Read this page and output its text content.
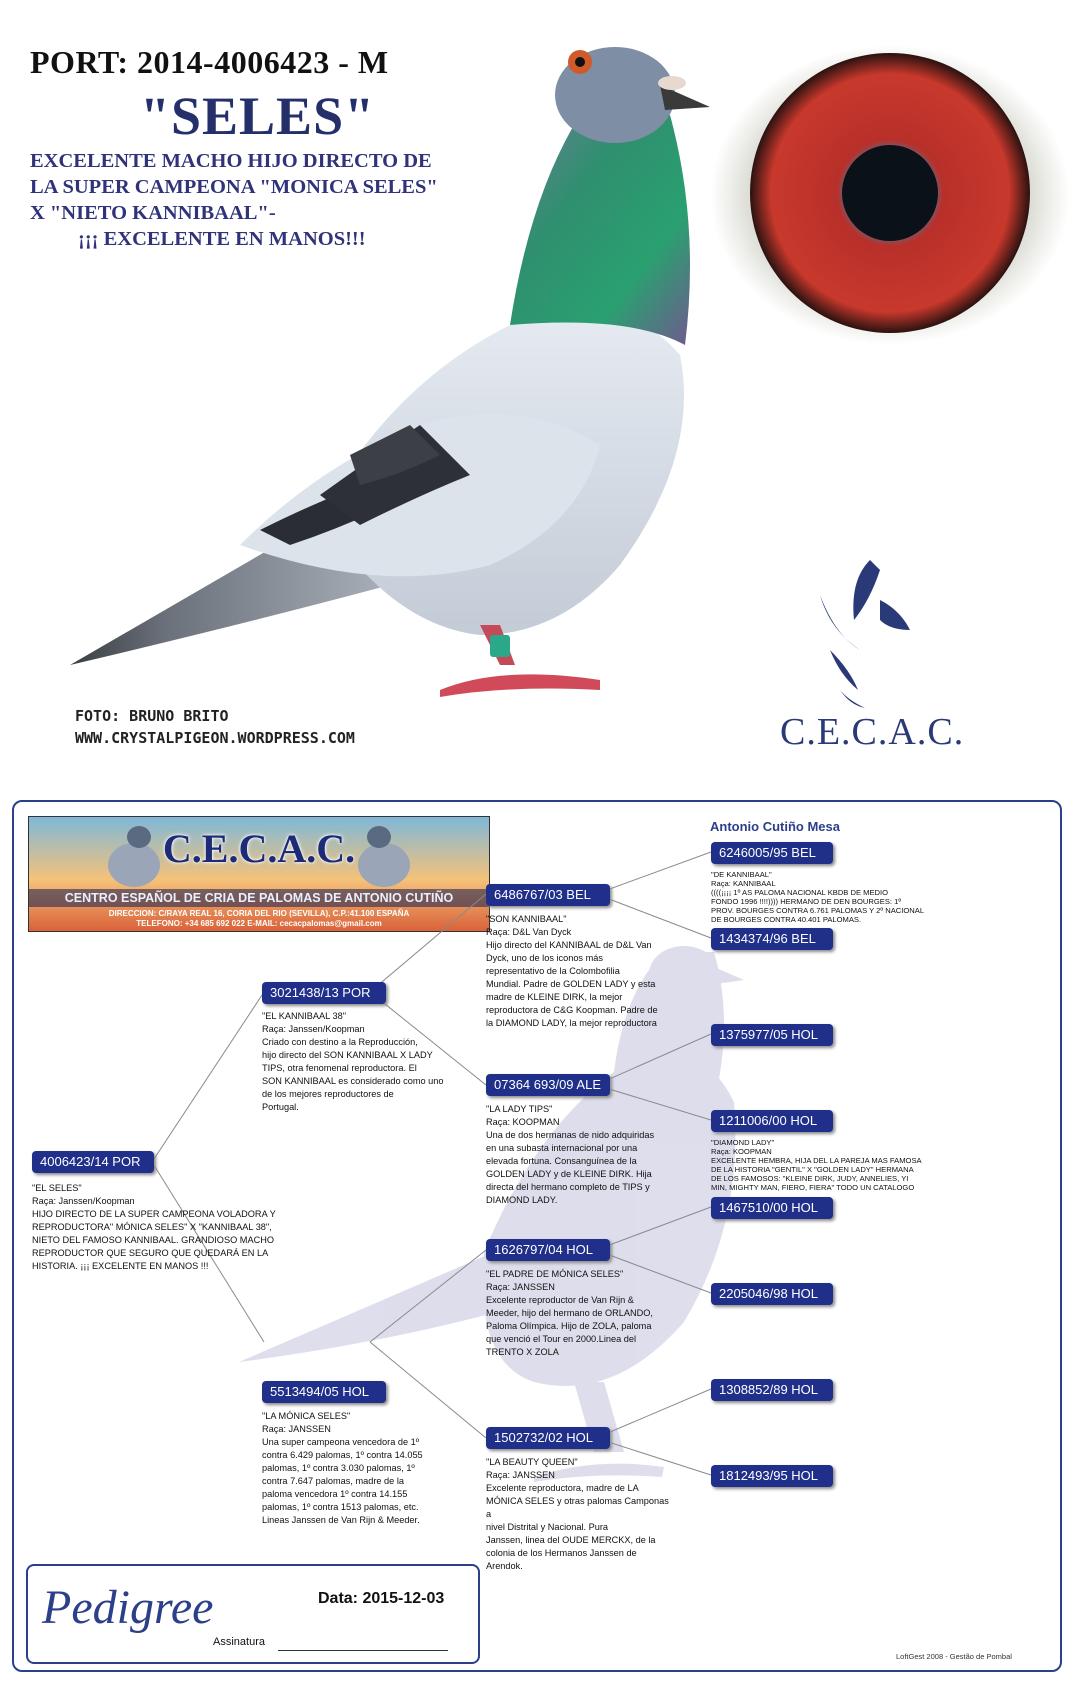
PORT: 2014-4006423 - M
"SELES"
EXCELENTE MACHO HIJO DIRECTO DE
LA SUPER CAMPEONA "MONICA SELES"
X "NIETO KANNIBAAL"-
¡¡¡ EXCELENTE EN MANOS!!!
FOTO: BRUNO BRITO
WWW.CRYSTALPIGEON.WORDPRESS.COM	C.E.C.A.C.
C.E.C.A.C.
CENTRO ESPAÑOL DE CRIA DE PALOMAS DE ANTONIO CUTIÑO
DIRECCION: C/RAYA REAL 16, CORIA DEL RIO (SEVILLA), C.P.:41.100 ESPAÑA
TELEFONO: +34 685 692 022 E-MAIL: cecacpalomas@gmail.com
Antonio Cutiño Mesa
4006423/14 POR
"EL SELES"
Raça: Janssen/Koopman
HIJO DIRECTO DE LA SUPER CAMPEONA VOLADORA Y
REPRODUCTORA" MÓNICA SELES" X "KANNIBAAL 38",
NIETO DEL FAMOSO KANNIBAAL. GRANDIOSO MACHO
REPRODUCTOR QUE SEGURO QUE QUEDARÁ EN LA
HISTORIA. ¡¡¡ EXCELENTE EN MANOS !!!
3021438/13 POR
"EL KANNIBAAL 38"
Raça: Janssen/Koopman
Criado con destino a la Reproducción,
hijo directo del SON KANNIBAAL X LADY
TIPS, otra fenomenal reproductora. El
SON KANNIBAAL es considerado como uno
de los mejores reproductores de
Portugal.
5513494/05 HOL
"LA MÓNICA SELES"
Raça: JANSSEN
Una super campeona vencedora de 1º
contra 6.429 palomas, 1º contra 14.055
palomas, 1º contra 3.030 palomas, 1º
contra 7.647 palomas, madre de la
paloma vencedora 1º contra 14.155
palomas, 1º contra 1513 palomas, etc.
Lineas Janssen de Van Rijn & Meeder.
6486767/03 BEL
"SON KANNIBAAL"
Raça: D&L Van Dyck
Hijo directo del KANNIBAAL de D&L Van
Dyck, uno de los iconos más
representativo de la Colombofilia
Mundial. Padre de GOLDEN LADY y esta
madre de KLEINE DIRK, la mejor
reproductora de C&G Koopman. Padre de
la DIAMOND LADY, la mejor reproductora
07364 693/09 ALE
"LA LADY TIPS"
Raça: KOOPMAN
Una de dos hermanas de nido adquiridas
en una subasta internacional por una
elevada fortuna. Consanguínea de la
GOLDEN LADY y de KLEINE DIRK. Hija
directa del hermano completo de TIPS y
DIAMOND LADY.
1626797/04 HOL
"EL PADRE DE MÓNICA SELES"
Raça: JANSSEN
Excelente reproductor de Van Rijn &
Meeder, hijo del hermano de ORLANDO,
Paloma Olímpica. Hijo de ZOLA, paloma
que venció el Tour en 2000.Linea del
TRENTO X ZOLA
1502732/02 HOL
"LA BEAUTY QUEEN"
Raça: JANSSEN
Excelente reproductora, madre de LA
MÓNICA SELES y otras palomas Camponas a
nivel Distrital y Nacional. Pura
Janssen, linea del OUDE MERCKX, de la
colonia de los Hermanos Janssen de
Arendok.
6246005/95 BEL
"DE KANNIBAAL"
Raça: KANNIBAAL
((((¡¡¡¡ 1º AS PALOMA NACIONAL KBDB DE MEDIO
FONDO 1996 !!!!)))) HERMANO DE DEN BOURGES: 1º
PROV. BOURGES CONTRA 6.761 PALOMAS Y 2º NACIONAL
DE BOURGES CONTRA 40.401 PALOMAS.
1434374/96 BEL
1375977/05 HOL
1211006/00 HOL
"DIAMOND LADY"
Raça: KOOPMAN
EXCELENTE HEMBRA, HIJA DEL LA PAREJA MAS FAMOSA
DE LA HISTORIA "GENTIL" X "GOLDEN LADY" HERMANA
DE LOS FAMOSOS: "KLEINE DIRK, JUDY, ANNELIES, YI
MIN, MIGHTY MAN, FIERO, FIERA" TODO UN CATALOGO
1467510/00 HOL
2205046/98 HOL
1308852/89 HOL
1812493/95 HOL
Pedigree	Data: 2015-12-03
Assinatura
LoftGest 2008 - Gestão de Pombal
